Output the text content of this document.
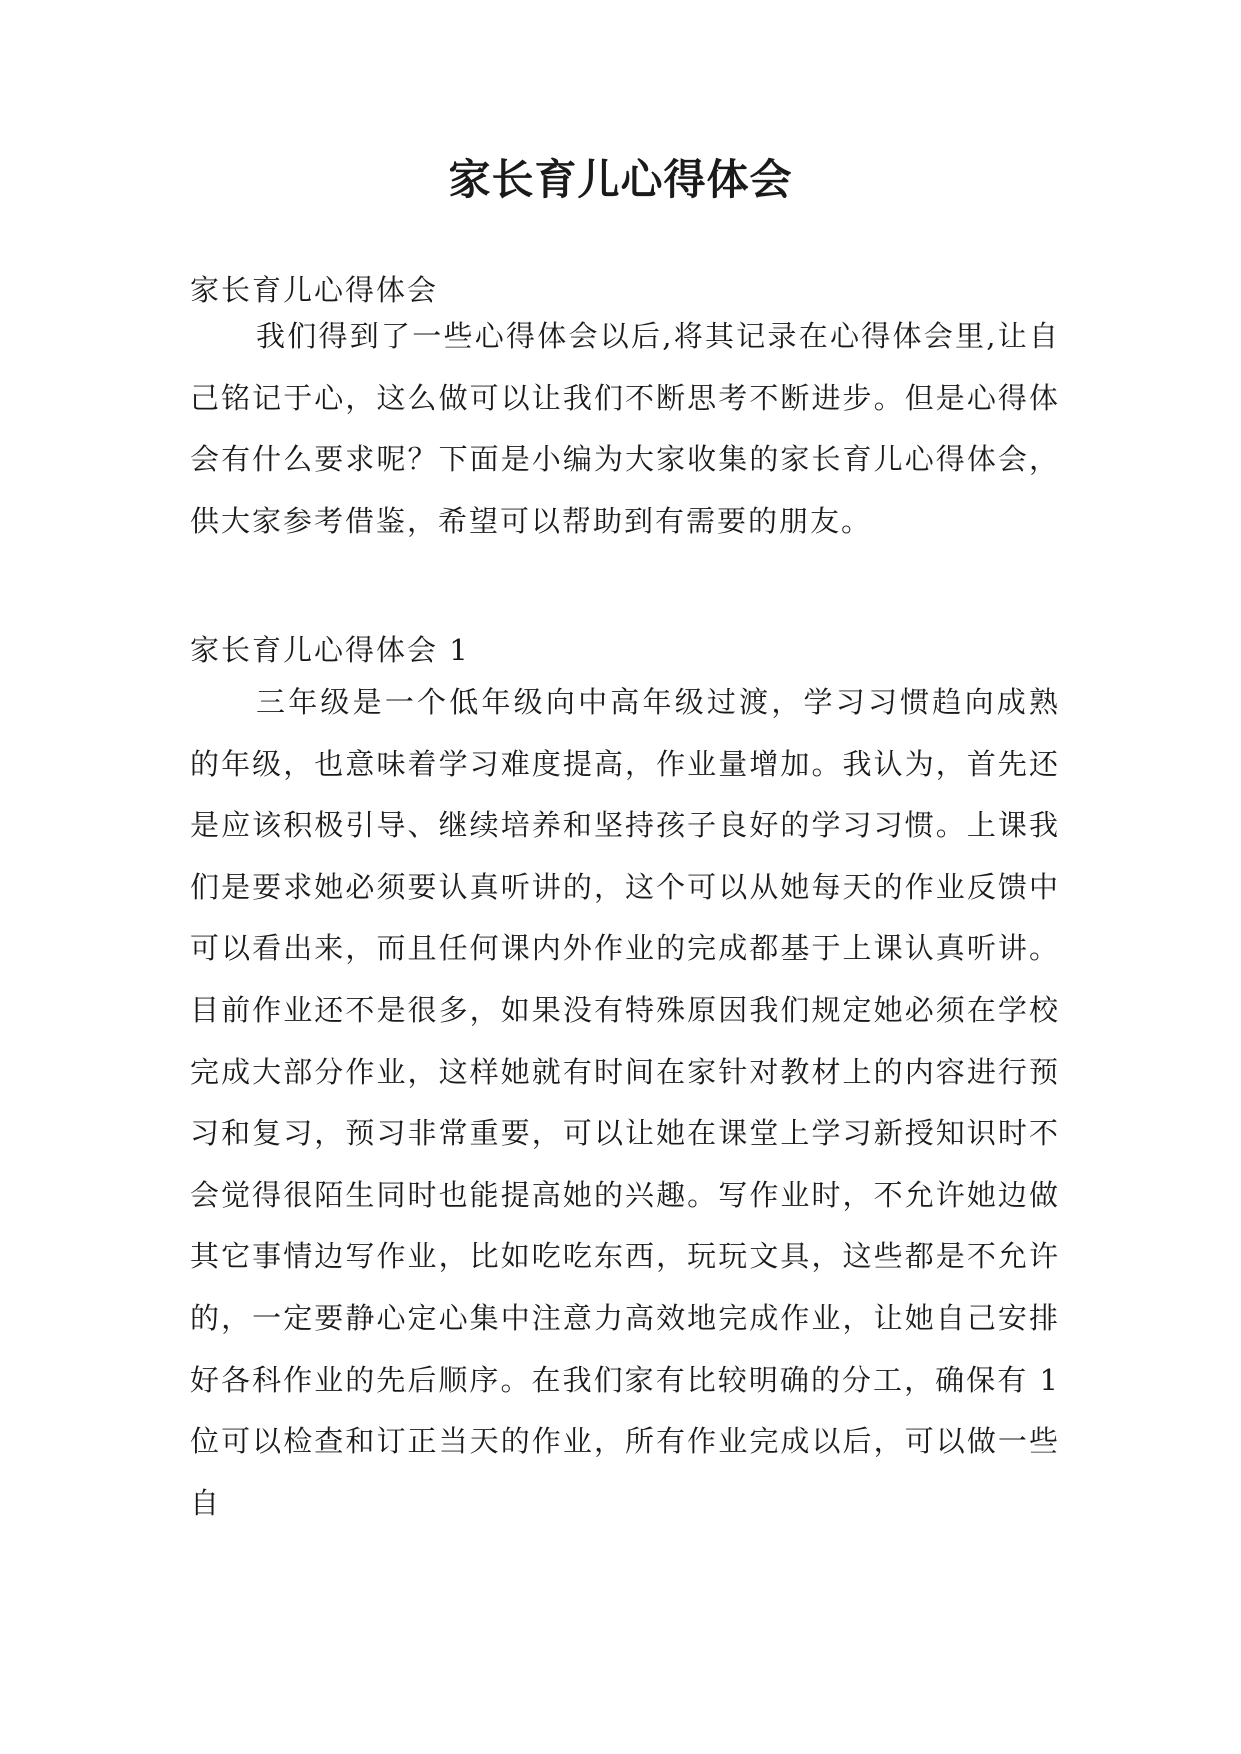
家长育儿心得体会

家长育儿心得体会

我们得到了一些心得体会以后,将其记录在心得体会里,让自己铭记于心，这么做可以让我们不断思考不断进步。但是心得体会有什么要求呢？下面是小编为大家收集的家长育儿心得体会，供大家参考借鉴，希望可以帮助到有需要的朋友。

家长育儿心得体会 1

三年级是一个低年级向中高年级过渡，学习习惯趋向成熟的年级，也意味着学习难度提高，作业量增加。我认为，首先还是应该积极引导、继续培养和坚持孩子良好的学习习惯。上课我们是要求她必须要认真听讲的，这个可以从她每天的作业反馈中可以看出来，而且任何课内外作业的完成都基于上课认真听讲。目前作业还不是很多，如果没有特殊原因我们规定她必须在学校完成大部分作业，这样她就有时间在家针对教材上的内容进行预习和复习，预习非常重要，可以让她在课堂上学习新授知识时不会觉得很陌生同时也能提高她的兴趣。写作业时，不允许她边做其它事情边写作业，比如吃吃东西，玩玩文具，这些都是不允许的，一定要静心定心集中注意力高效地完成作业，让她自己安排好各科作业的先后顺序。在我们家有比较明确的分工，确保有 1 位可以检查和订正当天的作业，所有作业完成以后，可以做一些自
